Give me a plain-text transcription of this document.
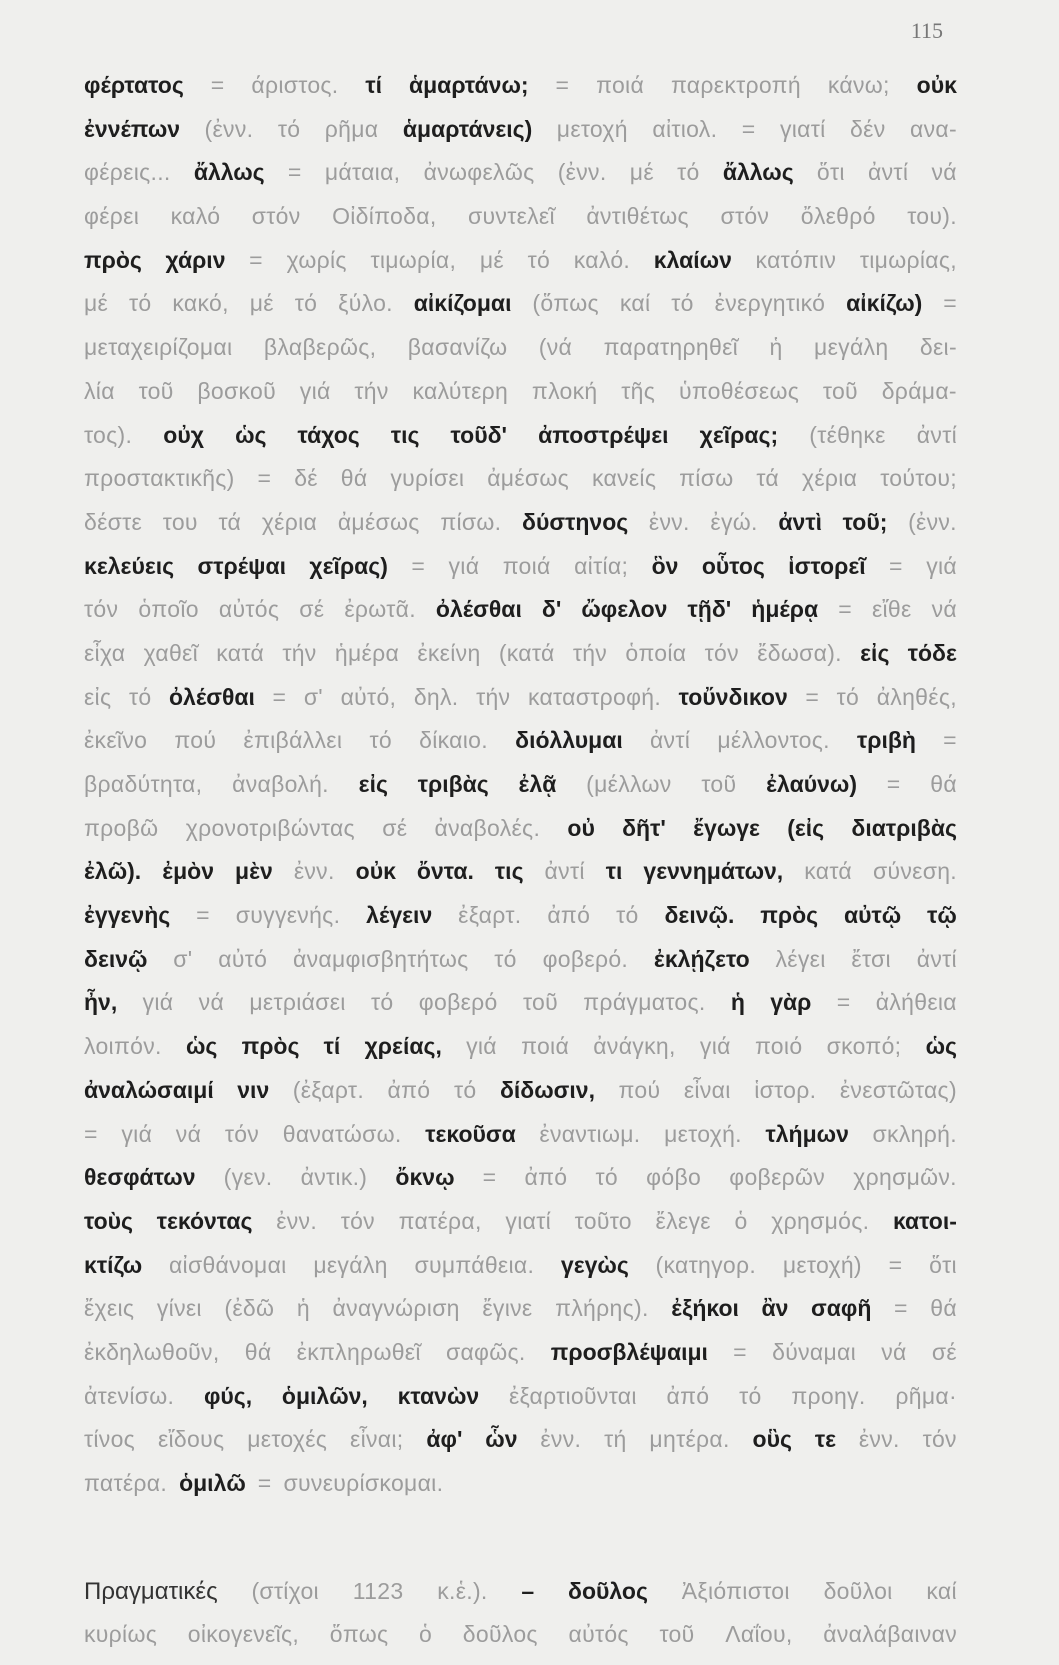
115
φέρτατος = άριστος. τί ἁμαρτάνω; = ποιά παρεκτροπή κάνω; οὐκ
ἐννέπων (ἐνν. τό ρῆμα ἁμαρτάνεις) μετοχή αἰτιολ. = γιατί δέν ανα-
φέρεις... ἄλλως = μάταια, ἀνωφελῶς (ἐνν. μέ τό ἄλλως ὅτι ἀντί νά
φέρει καλό στόν Οἰδίποδα, συντελεῖ ἀντιθέτως στόν ὄλεθρό του).
πρὸς χάριν = χωρίς τιμωρία, μέ τό καλό. κλαίων κατόπιν τιμωρίας,
μέ τό κακό, μέ τό ξύλο. αἰκίζομαι (ὅπως καί τό ἐνεργητικό αἰκίζω) =
μεταχειρίζομαι βλαβερῶς, βασανίζω (νά παρατηρηθεῖ ἡ μεγάλη δει-
λία τοῦ βοσκοῦ γιά τήν καλύτερη πλοκή τῆς ὑποθέσεως τοῦ δράμα-
τος). οὐχ ὡς τάχος τις τοῦδ' ἀποστρέψει χεῖρας; (τέθηκε ἀντί
προστακτικῆς) = δέ θά γυρίσει ἀμέσως κανείς πίσω τά χέρια τούτου;
δέστε του τά χέρια ἀμέσως πίσω. δύστηνος ἐνν. ἐγώ. ἀντὶ τοῦ; (ἐνν.
κελεύεις στρέψαι χεῖρας) = γιά ποιά αἰτία; ὃν οὗτος ἱστορεῖ = γιά
τόν ὁποῖο αὐτός σέ ἐρωτᾶ. ὀλέσθαι δ' ὤφελον τῇδ' ἡμέρᾳ = εἴθε νά
εἶχα χαθεῖ κατά τήν ἡμέρα ἐκείνη (κατά τήν ὁποία τόν ἔδωσα). εἰς τόδε
εἰς τό ὀλέσθαι = σ' αὐτό, δηλ. τήν καταστροφή. τοὔνδικον = τό ἀληθές,
ἐκεῖνο πού ἐπιβάλλει τό δίκαιο. διόλλυμαι ἀντί μέλλοντος. τριβὴ =
βραδύτητα, ἀναβολή. εἰς τριβὰς ἐλᾷ (μέλλων τοῦ ἐλαύνω) = θά
προβῶ χρονοτριβώντας σέ ἀναβολές. οὐ δῆτ' ἔγωγε (εἰς διατριβὰς
ἐλῶ). ἐμὸν μὲν ἐνν. οὐκ ὄντα. τις ἀντί τι γεννημάτων, κατά σύνεση.
ἐγγενὴς = συγγενής. λέγειν ἐξαρτ. ἀπό τό δεινῷ. πρὸς αὐτῷ τῷ
δεινῷ σ' αὐτό ἀναμφισβητήτως τό φοβερό. ἐκλῄζετο λέγει ἔτσι ἀντί
ἦν, γιά νά μετριάσει τό φοβερό τοῦ πράγματος. ἡ γὰρ = ἀλήθεια
λοιπόν. ὡς πρὸς τί χρείας, γιά ποιά ἀνάγκη, γιά ποιό σκοπό; ὡς
ἀναλώσαιμί νιν (ἐξαρτ. ἀπό τό δίδωσιν, πού εἶναι ἱστορ. ἐνεστῶτας)
= γιά νά τόν θανατώσω. τεκοῦσα ἐναντιωμ. μετοχή. τλήμων σκληρή.
θεσφάτων (γεν. ἀντικ.) ὄκνῳ = ἀπό τό φόβο φοβερῶν χρησμῶν.
τοὺς τεκόντας ἐνν. τόν πατέρα, γιατί τοῦτο ἔλεγε ὁ χρησμός. κατοι-
κτίζω αἰσθάνομαι μεγάλη συμπάθεια. γεγὼς (κατηγορ. μετοχή) = ὅτι
ἔχεις γίνει (ἐδῶ ἡ ἀναγνώριση ἔγινε πλήρης). ἐξήκοι ἂν σαφῆ = θά
ἐκδηλωθοῦν, θά ἐκπληρωθεῖ σαφῶς. προσβλέψαιμι = δύναμαι νά σέ
ἀτενίσω. φύς, ὁμιλῶν, κτανὼν ἐξαρτιοῦνται ἀπό τό προηγ. ρῆμα·
τίνος εἴδους μετοχές εἶναι; ἀφ' ὧν ἐνν. τή μητέρα. οὓς τε ἐνν. τόν
πατέρα. ὁμιλῶ = συνευρίσκομαι.
Πραγματικές (στίχοι 1123 κ.ἑ.). – δοῦλος Ἀξιόπιστοι δοῦλοι καί
κυρίως οἰκογενεῖς, ὅπως ὁ δοῦλος αὐτός τοῦ Λαΐου, ἀναλάβαιναν
